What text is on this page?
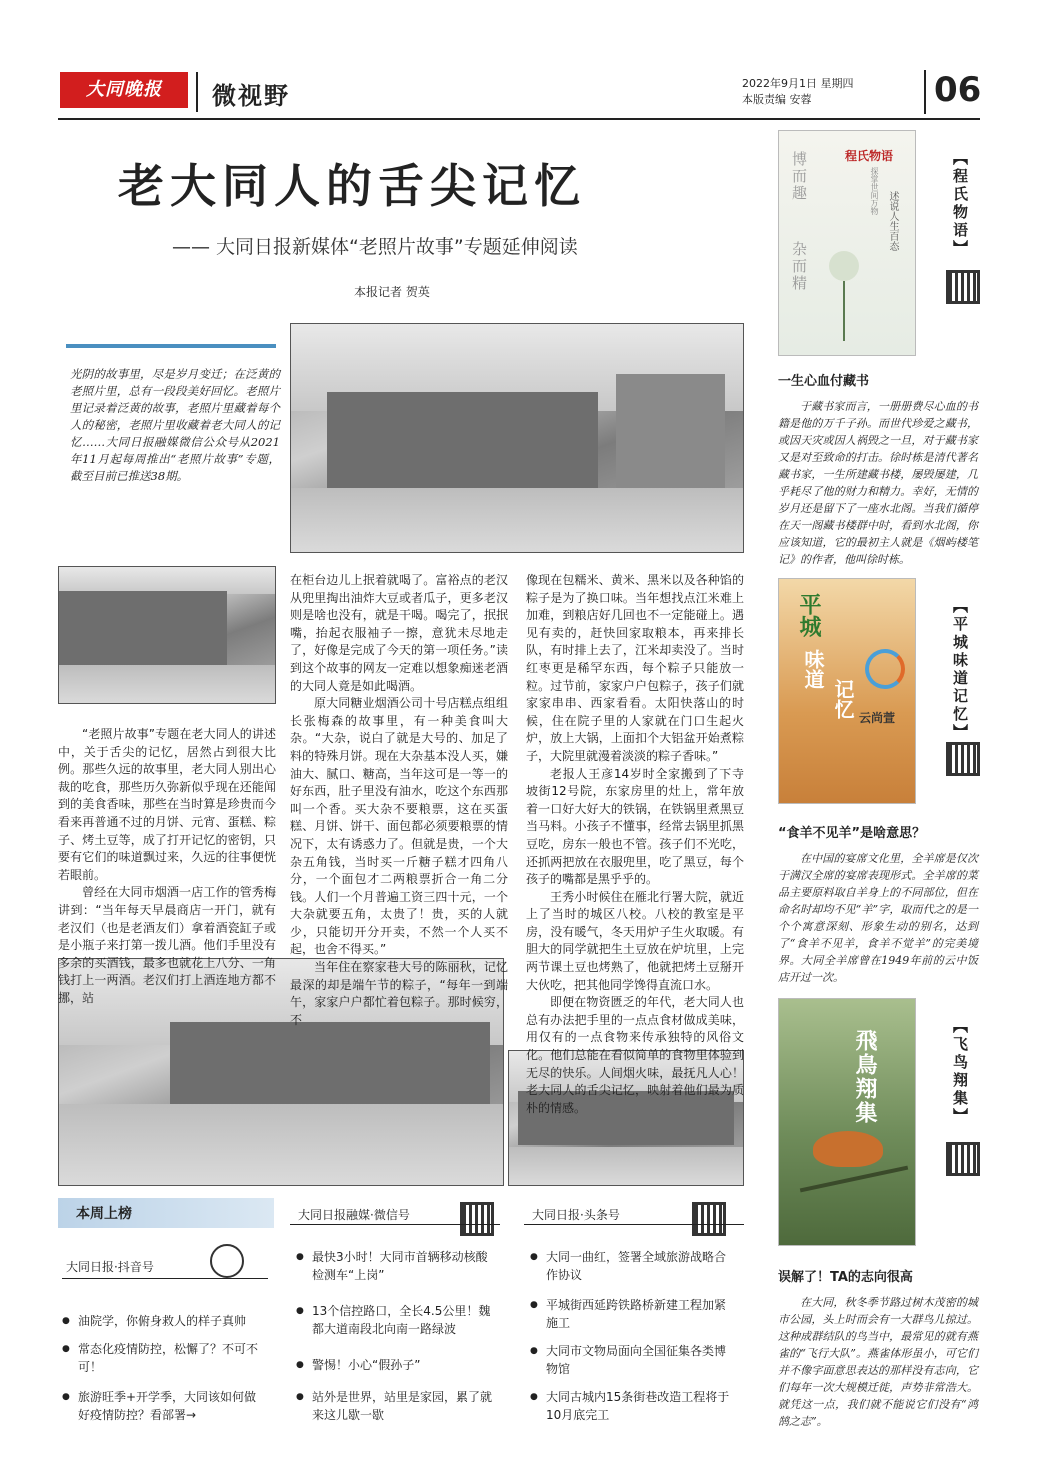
大同晚报	微视野	2022年9月1日 星期四
本版责编 安蓉	06
老大同人的舌尖记忆
—— 大同日报新媒体“老照片故事”专题延伸阅读
本报记者 贺英
光阴的故事里，尽是岁月变迁；在泛黄的老照片里，总有一段段美好回忆。老照片里记录着泛黄的故事，老照片里藏着每个人的秘密，老照片里收藏着老大同人的记忆……大同日报融媒微信公众号从2021年11月起每周推出“老照片故事”专题，截至目前已推送38期。

“老照片故事”专题在老大同人的讲述中，关于舌尖的记忆，居然占到很大比例。那些久远的故事里，老大同人别出心裁的吃食，那些历久弥新似乎现在还能闻到的美食香味，那些在当时算是珍贵而今看来再普通不过的月饼、元宵、蛋糕、粽子、烤土豆等，成了打开记忆的密钥，只要有它们的味道飘过来，久远的往事便恍若眼前。

曾经在大同市烟酒一店工作的管秀梅讲到：“当年每天早晨商店一开门，就有老汉们（也是老酒友们）拿着酒瓷缸子或是小瓶子来打第一拨儿酒。他们手里没有多余的买酒钱，最多也就花上八分、一角钱打上一两酒。老汉们打上酒连地方都不挪，站

在柜台边儿上抿着就喝了。富裕点的老汉从兜里掏出油炸大豆或者瓜子，更多老汉则是啥也没有，就是干喝。喝完了，抿抿嘴，抬起衣服袖子一擦，意犹未尽地走了，好像是完成了今天的第一项任务。”读到这个故事的网友一定难以想象痴迷老酒的大同人竟是如此喝酒。

原大同糖业烟酒公司十号店糕点组组长张梅森的故事里，有一种美食叫大杂。“大杂，说白了就是大号的、加足了料的特殊月饼。现在大杂基本没人买，嫌油大、腻口、糖高，当年这可是一等一的好东西，肚子里没有油水，吃这个东西那叫一个香。买大杂不要粮票，这在买蛋糕、月饼、饼干、面包都必须要粮票的情况下，太有诱惑力了。但就是贵，一个大杂五角钱，当时买一斤糖子糕才四角八分，一个面包才二两粮票折合一角二分钱。人们一个月普遍工资三四十元，一个大杂就要五角，太贵了！贵，买的人就少，只能切开分开卖，不然一个人买不起，也舍不得买。”

当年住在察家巷大号的陈丽秋，记忆最深的却是端午节的粽子，“每年一到端午，家家户户都忙着包粽子。那时候穷，不

像现在包糯米、黄米、黑米以及各种馅的粽子是为了换口味。当年想找点江米难上加难，到粮店好几回也不一定能碰上。遇见有卖的，赶快回家取粮本，再来排长队，有时排上去了，江米却卖没了。当时红枣更是稀罕东西，每个粽子只能放一粒。过节前，家家户户包粽子，孩子们就家家串串、西家看看。太阳快落山的时候，住在院子里的人家就在门口生起火炉，放上大锅，上面扣个大铝盆开始煮粽子，大院里就漫着淡淡的粽子香味。”

老报人王彦14岁时全家搬到了下寺坡街12号院，东家房里的灶上，常年放着一口好大好大的铁锅，在铁锅里煮黑豆当马料。小孩子不懂事，经常去锅里抓黑豆吃，房东一般也不管。孩子们不光吃，还抓两把放在衣服兜里，吃了黑豆，每个孩子的嘴都是黑乎乎的。

王秀小时候住在雁北行署大院，就近上了当时的城区八校。八校的教室是平房，没有暖气，冬天用炉子生火取暖。有胆大的同学就把生土豆放在炉坑里，上完两节课土豆也烤熟了，他就把烤土豆掰开大伙吃，把其他同学馋得直流口水。

即便在物资匮乏的年代，老大同人也总有办法把手里的一点点食材做成美味，用仅有的一点食物来传承独特的风俗文化。他们总能在看似简单的食物里体验到无尽的快乐。人间烟火味，最抚凡人心！老大同人的舌尖记忆，映射着他们最为质朴的情感。

博而趣
杂而精
程氏物语
述说人生百态
探掌世间万物	【程氏物语】
一生心血付藏书
于藏书家而言，一册册费尽心血的书籍是他的万千子孙。而世代珍爱之藏书，或因天灾或因人祸毁之一旦，对于藏书家又是对至致命的打击。徐时栋是清代著名藏书家，一生所建藏书楼，屡毁屡建，几乎耗尽了他的财力和精力。幸好，无情的岁月还是留下了一座水北阁。当我们循停在天一阁藏书楼群中时，看到水北阁，你应该知道，它的最初主人就是《烟屿楼笔记》的作者，他叫徐时栋。
平城
味道
记忆 云尚萱	【平城味道记忆】
“食羊不见羊”是啥意思？
在中国的宴席文化里，全羊席是仅次于满汉全席的宴席表现形式。全羊席的菜品主要原料取自羊身上的不同部位，但在命名时却均不见“羊”字，取而代之的是一个个寓意深刻、形象生动的别名，达到了“食羊不见羊，食羊不觉羊”的完美境界。大同全羊席曾在1949年前的云中饭店开过一次。
飛鳥翔集	【飞鸟翔集】
误解了！TA的志向很高
在大同，秋冬季节路过树木茂密的城市公园，头上时而会有一大群鸟儿掠过。这种成群结队的鸟当中，最常见的就有燕雀的“飞行大队”。燕雀体形虽小，可它们并不像字面意思表达的那样没有志向，它们每年一次大规模迁徙，声势非常浩大。就凭这一点，我们就不能说它们没有“鸿鹄之志”。
本周上榜
大同日报·抖音号
● 油院学，你俯身救人的样子真帅
● 常态化疫情防控，松懈了？不可不可！
● 旅游旺季+开学季，大同该如何做好疫情防控？看部署→
大同日报融媒·微信号
● 最快3小时！大同市首辆移动核酸检测车“上岗”
● 13个信控路口，全长4.5公里！魏都大道南段北向南一路绿波
● 警惕！小心“假孙子”
● 站外是世界，站里是家园，累了就来这儿歇一歇
大同日报·头条号
● 大同一曲红，签署全域旅游战略合作协议
● 平城街西延跨铁路桥新建工程加紧施工
● 大同市文物局面向全国征集各类博物馆
● 大同古城内15条街巷改造工程将于10月底完工
